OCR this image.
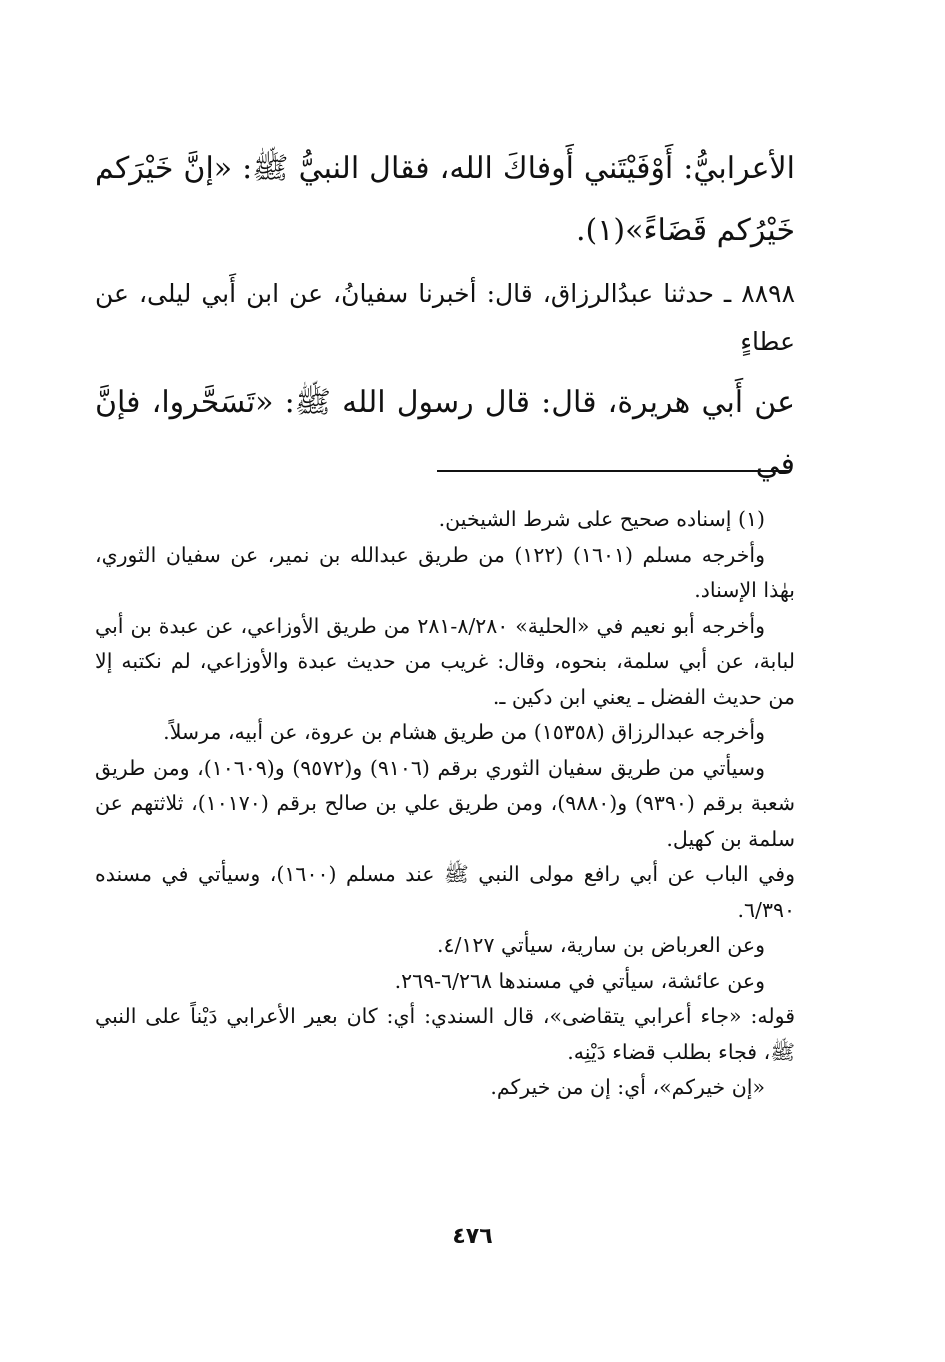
الأعرابيُّ: أَوْفَيْتَني أَوفاكَ الله، فقال النبيُّ ﷺ: «إنَّ خَيْرَكم خَيْرُكم قَضَاءً»(١).

٨٨٩٨ ـ حدثنا عبدُالرزاق، قال: أخبرنا سفيانُ، عن ابن أَبي ليلى، عن عطاءٍ

عن أَبي هريرة، قال: قال رسول الله ﷺ: «تَسَحَّروا، فإنَّ في

(١) إسناده صحيح على شرط الشيخين.

وأخرجه مسلم (١٦٠١) (١٢٢) من طريق عبدالله بن نمير، عن سفيان الثوري، بهٰذا الإسناد.

وأخرجه أبو نعيم في «الحلية» ٨/٢٨٠-٢٨١ من طريق الأوزاعي، عن عبدة بن أبي لبابة، عن أبي سلمة، بنحوه، وقال: غريب من حديث عبدة والأوزاعي، لم نكتبه إلا من حديث الفضل ـ يعني ابن دكين ـ.

وأخرجه عبدالرزاق (١٥٣٥٨) من طريق هشام بن عروة، عن أبيه، مرسلاً.

وسيأتي من طريق سفيان الثوري برقم (٩١٠٦) و(٩٥٧٢) و(١٠٦٠٩)، ومن طريق شعبة برقم (٩٣٩٠) و(٩٨٨٠)، ومن طريق علي بن صالح برقم (١٠١٧٠)، ثلاثتهم عن سلمة بن كهيل.

وفي الباب عن أبي رافع مولى النبي ﷺ عند مسلم (١٦٠٠)، وسيأتي في مسنده ٦/٣٩٠.

وعن العرباض بن سارية، سيأتي ٤/١٢٧.

وعن عائشة، سيأتي في مسندها ٦/٢٦٨-٢٦٩.

قوله: «جاء أعرابي يتقاضى»، قال السندي: أي: كان بعير الأعرابي دَيْناً على النبي ﷺ، فجاء بطلب قضاء دَيْنِه.

«إن خيركم»، أي: إن من خيركم.

٤٧٦
